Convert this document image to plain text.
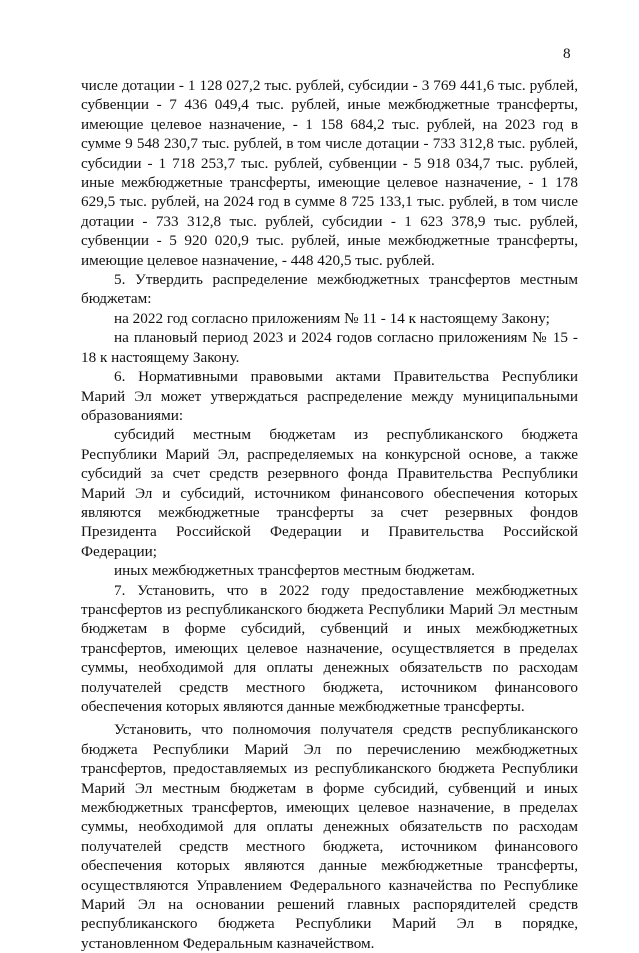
8

числе дотации - 1 128 027,2 тыс. рублей, субсидии - 3 769 441,6 тыс. рублей, субвенции - 7 436 049,4 тыс. рублей, иные межбюджетные трансферты, имеющие целевое назначение, - 1 158 684,2 тыс. рублей, на 2023 год в сумме 9 548 230,7 тыс. рублей, в том числе дотации - 733 312,8 тыс. рублей, субсидии - 1 718 253,7 тыс. рублей, субвенции - 5 918 034,7 тыс. рублей, иные межбюджетные трансферты, имеющие целевое назначение, - 1 178 629,5 тыс. рублей, на 2024 год в сумме 8 725 133,1 тыс. рублей, в том числе дотации - 733 312,8 тыс. рублей, субсидии - 1 623 378,9 тыс. рублей, субвенции - 5 920 020,9 тыс. рублей, иные межбюджетные трансферты, имеющие целевое назначение, - 448 420,5 тыс. рублей.

5. Утвердить распределение межбюджетных трансфертов местным бюджетам:

на 2022 год согласно приложениям № 11 - 14 к настоящему Закону;

на плановый период 2023 и 2024 годов согласно приложениям № 15 - 18 к настоящему Закону.

6. Нормативными правовыми актами Правительства Республики Марий Эл может утверждаться распределение между муниципальными образованиями:

субсидий местным бюджетам из республиканского бюджета Республики Марий Эл, распределяемых на конкурсной основе, а также субсидий за счет средств резервного фонда Правительства Республики Марий Эл и субсидий, источником финансового обеспечения которых являются межбюджетные трансферты за счет резервных фондов Президента Российской Федерации и Правительства Российской Федерации;

иных межбюджетных трансфертов местным бюджетам.

7. Установить, что в 2022 году предоставление межбюджетных трансфертов из республиканского бюджета Республики Марий Эл местным бюджетам в форме субсидий, субвенций и иных межбюджетных трансфертов, имеющих целевое назначение, осуществляется в пределах суммы, необходимой для оплаты денежных обязательств по расходам получателей средств местного бюджета, источником финансового обеспечения которых являются данные межбюджетные трансферты.

Установить, что полномочия получателя средств республиканского бюджета Республики Марий Эл по перечислению межбюджетных трансфертов, предоставляемых из республиканского бюджета Республики Марий Эл местным бюджетам в форме субсидий, субвенций и иных межбюджетных трансфертов, имеющих целевое назначение, в пределах суммы, необходимой для оплаты денежных обязательств по расходам получателей средств местного бюджета, источником финансового обеспечения которых являются данные межбюджетные трансферты, осуществляются Управлением Федерального казначейства по Республике Марий Эл на основании решений главных распорядителей средств республиканского бюджета Республики Марий Эл в порядке, установленном Федеральным казначейством.
